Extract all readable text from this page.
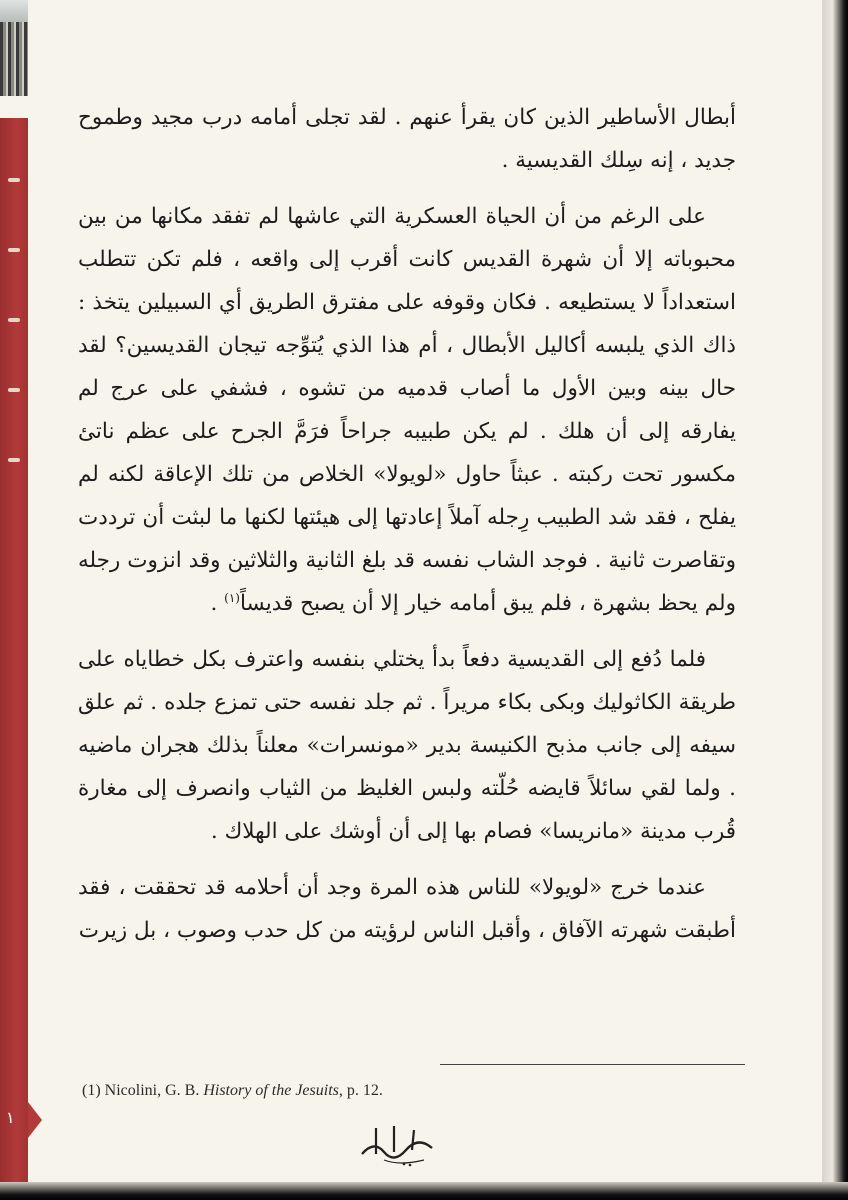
١

أبطال الأساطير الذين كان يقرأ عنهم . لقد تجلى أمامه درب مجيد وطموح جديد ، إنه سِلك القديسية .

على الرغم من أن الحياة العسكرية التي عاشها لم تفقد مكانها من بين محبوباته إلا أن شهرة القديس كانت أقرب إلى واقعه ، فلم تكن تتطلب استعداداً لا يستطيعه . فكان وقوفه على مفترق الطريق أي السبيلين يتخذ : ذاك الذي يلبسه أكاليل الأبطال ، أم هذا الذي يُتوِّجه تيجان القديسين؟ لقد حال بينه وبين الأول ما أصاب قدميه من تشوه ، فشفي على عرج لم يفارقه إلى أن هلك . لم يكن طبيبه جراحاً فرَمَّ الجرح على عظم ناتئ مكسور تحت ركبته . عبثاً حاول «لويولا» الخلاص من تلك الإعاقة لكنه لم يفلح ، فقد شد الطبيب رِجله آملاً إعادتها إلى هيئتها لكنها ما لبثت أن ترددت وتقاصرت ثانية . فوجد الشاب نفسه قد بلغ الثانية والثلاثين وقد انزوت رجله ولم يحظ بشهرة ، فلم يبق أمامه خيار إلا أن يصبح قديساً$^{(١)}$ .

فلما دُفع إلى القديسية دفعاً بدأ يختلي بنفسه واعترف بكل خطاياه على طريقة الكاثوليك وبكى بكاء مريراً . ثم جلد نفسه حتى تمزع جلده . ثم علق سيفه إلى جانب مذبح الكنيسة بدير «مونسرات» معلناً بذلك هجران ماضيه . ولما لقي سائلاً قايضه حُلّته ولبس الغليظ من الثياب وانصرف إلى مغارة قُرب مدينة «مانريسا» فصام بها إلى أن أوشك على الهلاك .

عندما خرج «لويولا» للناس هذه المرة وجد أن أحلامه قد تحققت ، فقد أطبقت شهرته الآفاق ، وأقبل الناس لرؤيته من كل حدب وصوب ، بل زيرت

(1) Nicolini, G. B. History of the Jesuits, p. 12.
